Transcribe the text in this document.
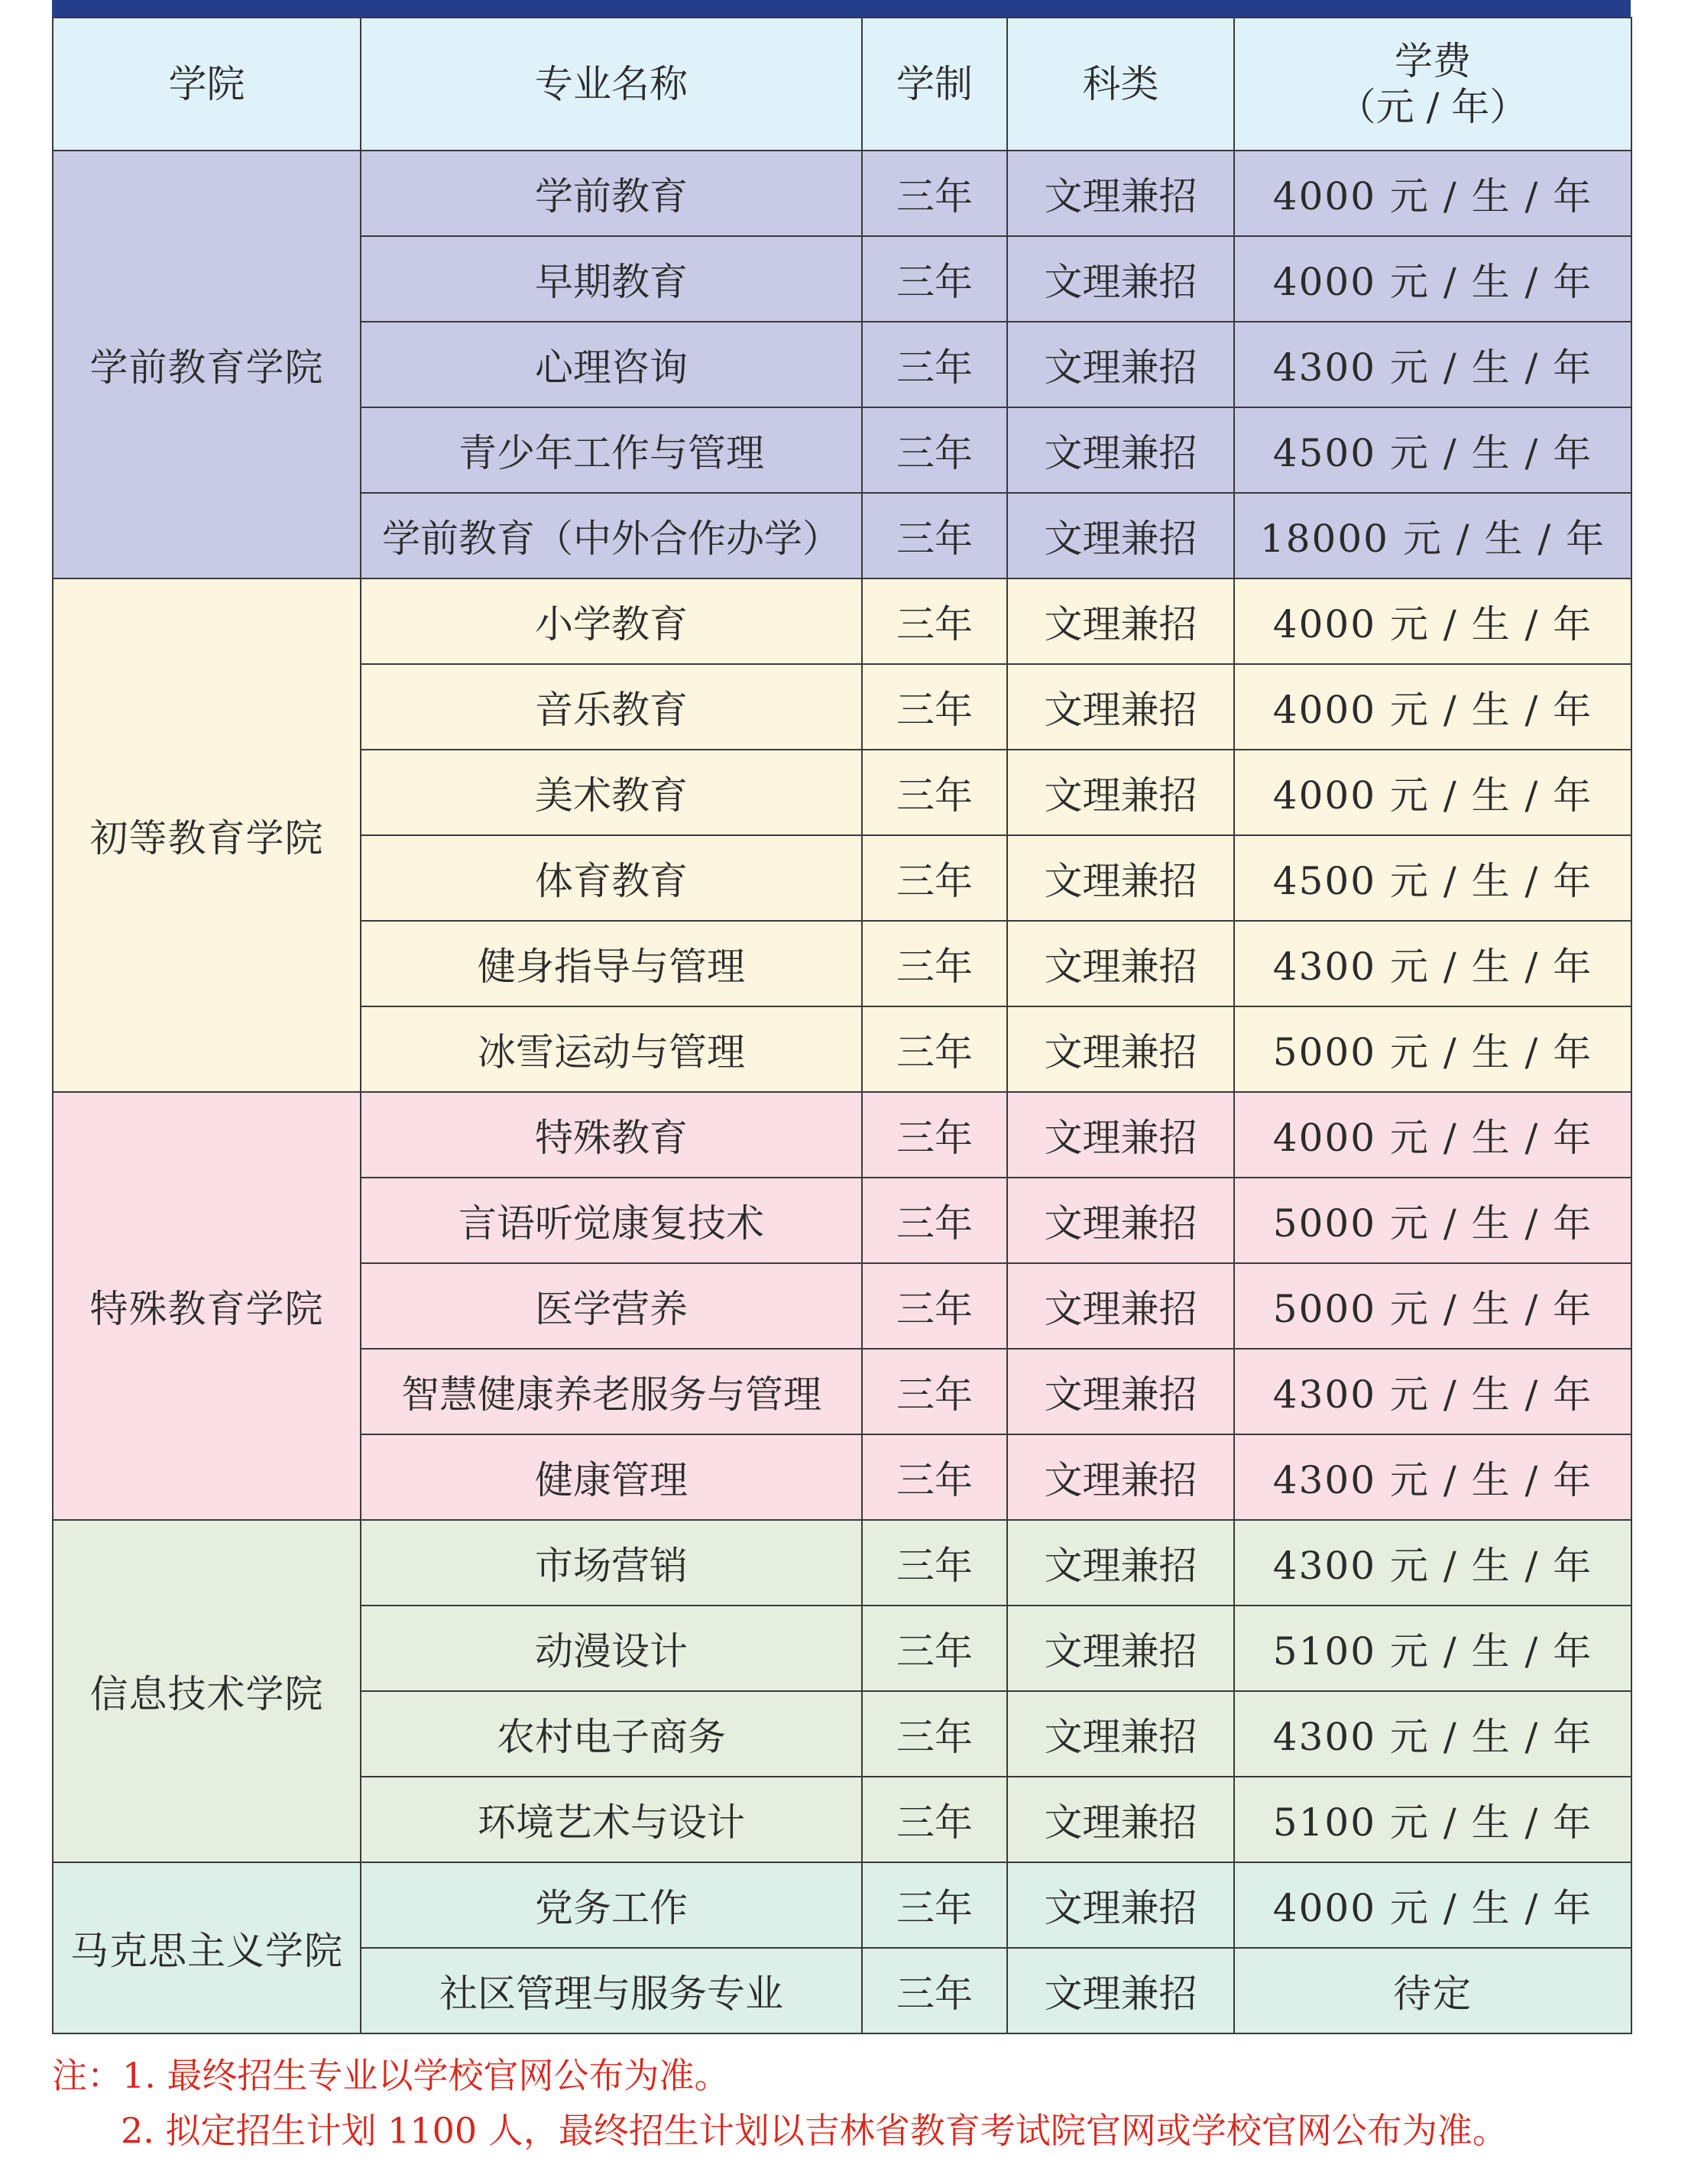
学院	专业名称	学制	科类	学费
（元 / 年）

学前教育学院	学前教育	三年	文理兼招	4000 元 / 生 / 年
	早期教育	三年	文理兼招	4000 元 / 生 / 年
	心理咨询	三年	文理兼招	4300 元 / 生 / 年
	青少年工作与管理	三年	文理兼招	4500 元 / 生 / 年
	学前教育（中外合作办学）	三年	文理兼招	18000 元 / 生 / 年
初等教育学院	小学教育	三年	文理兼招	4000 元 / 生 / 年
	音乐教育	三年	文理兼招	4000 元 / 生 / 年
	美术教育	三年	文理兼招	4000 元 / 生 / 年
	体育教育	三年	文理兼招	4500 元 / 生 / 年
	健身指导与管理	三年	文理兼招	4300 元 / 生 / 年
	冰雪运动与管理	三年	文理兼招	5000 元 / 生 / 年
特殊教育学院	特殊教育	三年	文理兼招	4000 元 / 生 / 年
	言语听觉康复技术	三年	文理兼招	5000 元 / 生 / 年
	医学营养	三年	文理兼招	5000 元 / 生 / 年
	智慧健康养老服务与管理	三年	文理兼招	4300 元 / 生 / 年
	健康管理	三年	文理兼招	4300 元 / 生 / 年
信息技术学院	市场营销	三年	文理兼招	4300 元 / 生 / 年
	动漫设计	三年	文理兼招	5100 元 / 生 / 年
	农村电子商务	三年	文理兼招	4300 元 / 生 / 年
	环境艺术与设计	三年	文理兼招	5100 元 / 生 / 年
马克思主义学院	党务工作	三年	文理兼招	4000 元 / 生 / 年
	社区管理与服务专业	三年	文理兼招	待定
注：1. 最终招生专业以学校官网公布为准。
2. 拟定招生计划 1100 人，最终招生计划以吉林省教育考试院官网或学校官网公布为准。
